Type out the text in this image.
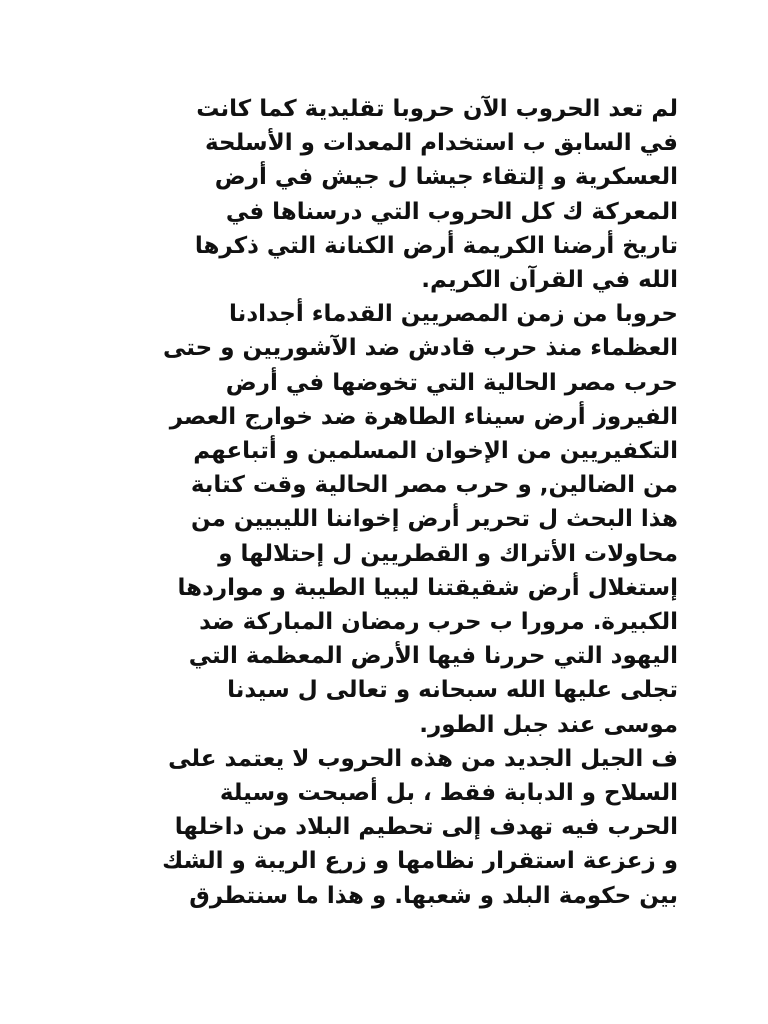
لم تعد الحروب الآن حروبا تقليدية كما كانت
في السابق ب استخدام المعدات و الأسلحة
العسكرية و إلتقاء جيشا ل جيش في أرض
المعركة ك كل الحروب التي درسناها في
تاريخ أرضنا الكريمة أرض الكنانة التي ذكرها
الله في القرآن الكريم.
حروبا من زمن المصريين القدماء أجدادنا
العظماء منذ حرب قادش ضد الآشوريين و حتى
حرب مصر الحالية التي تخوضها في أرض
الفيروز أرض سيناء الطاهرة ضد خوارج العصر
التكفيريين من الإخوان المسلمين و أتباعهم
من الضالين, و حرب مصر الحالية وقت كتابة
هذا البحث ل تحرير أرض إخواننا الليبيين من
محاولات الأتراك و القطريين ل إحتلالها و
إستغلال أرض شقيقتنا ليبيا الطيبة و مواردها
الكبيرة. مرورا ب حرب رمضان المباركة ضد
اليهود التي حررنا فيها الأرض المعظمة التي
تجلى عليها الله سبحانه و تعالى ل سيدنا
موسى عند جبل الطور.
ف الجيل الجديد من هذه الحروب لا يعتمد على
السلاح و الدبابة فقط ، بل أصبحت وسيلة
الحرب فيه تهدف إلى تحطيم البلاد من داخلها
و زعزعة استقرار نظامها و زرع الريبة و الشك
بين حكومة البلد و شعبها. و هذا ما سنتطرق
